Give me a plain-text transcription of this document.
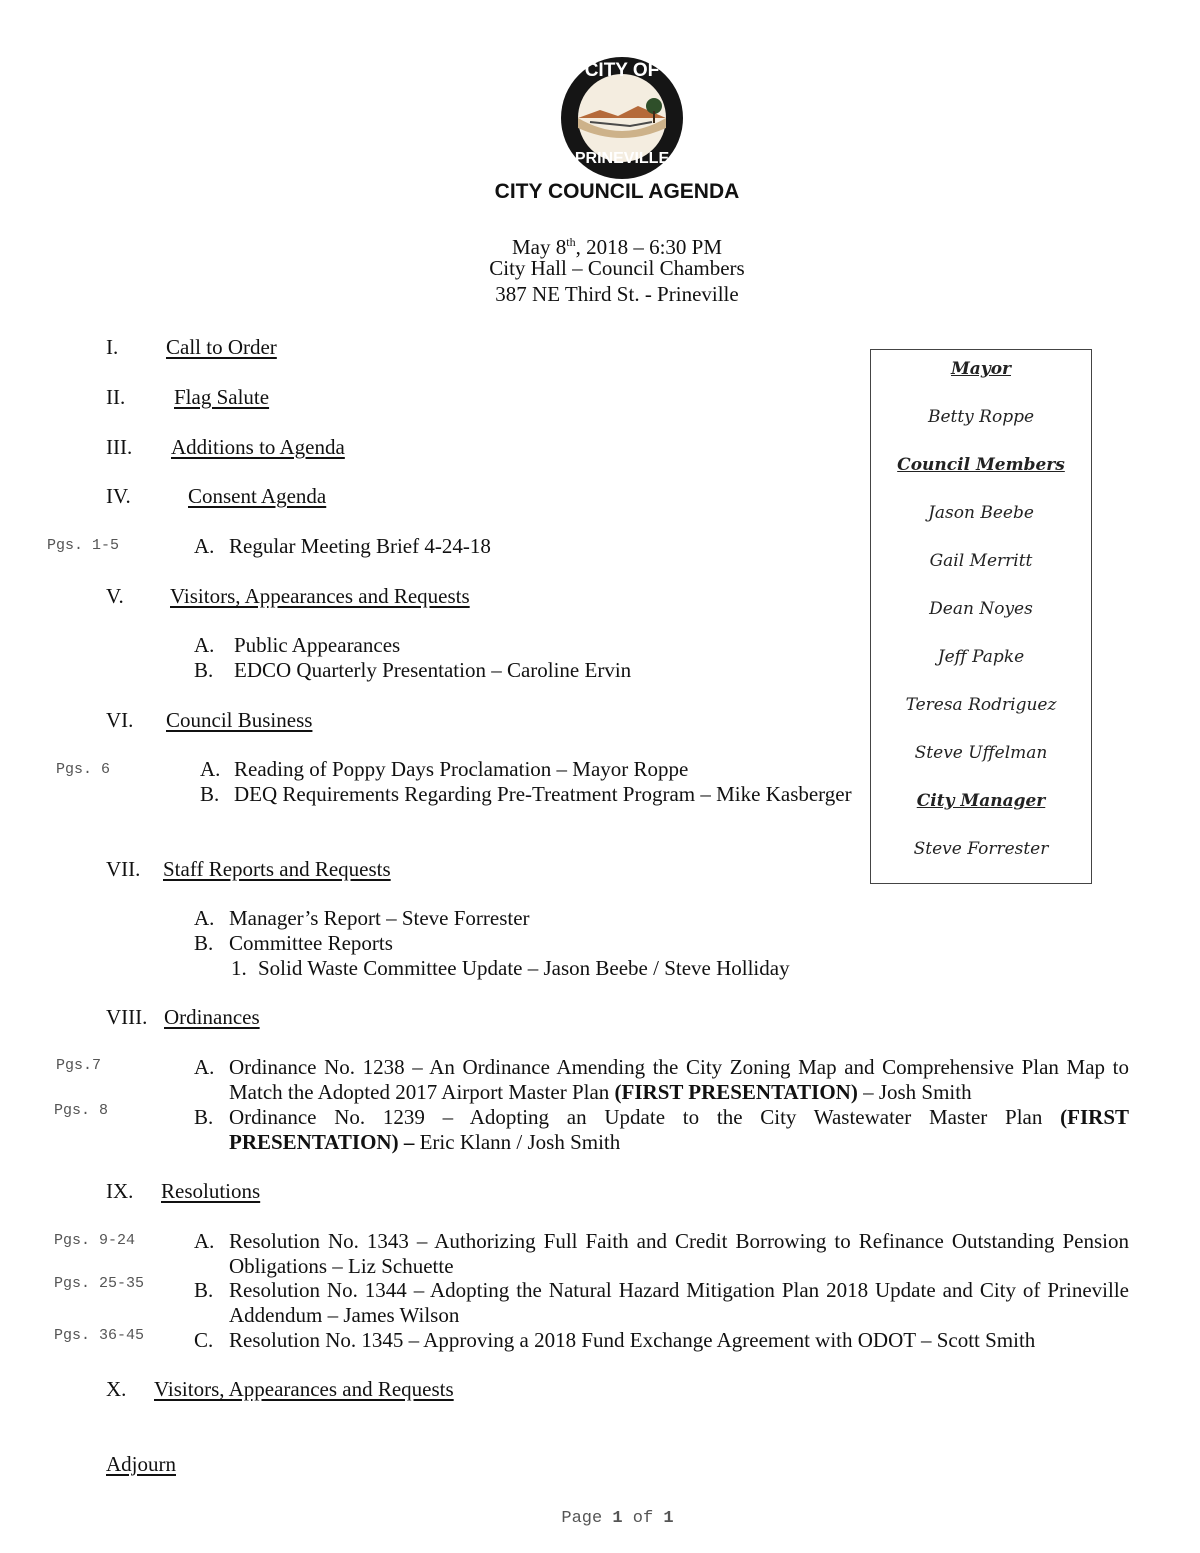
CITY OF
PRINEVILLE
CITY COUNCIL AGENDA
May 8th, 2018 – 6:30 PM
City Hall – Council Chambers
387 NE Third St. - Prineville
I. Call to Order
II. Flag Salute
III. Additions to Agenda
IV.	Consent Agenda
Pgs. 1-5	A. Regular Meeting Brief 4-24-18
V. Visitors, Appearances and Requests
A. Public Appearances
B. EDCO Quarterly Presentation – Caroline Ervin
VI. Council Business
Pgs. 6	A. Reading of Poppy Days Proclamation – Mayor Roppe
B. DEQ Requirements Regarding Pre-Treatment Program – Mike Kasberger
VII. Staff Reports and Requests
A. Manager’s Report – Steve Forrester
B. Committee Reports
1. Solid Waste Committee Update – Jason Beebe / Steve Holliday
VIII. Ordinances
Pgs.7	A. Ordinance No. 1238 – An Ordinance Amending the City Zoning Map and Comprehensive Plan Map to Match the Adopted 2017 Airport Master Plan (FIRST PRESENTATION) – Josh Smith
Pgs. 8	B. Ordinance No. 1239 – Adopting an Update to the City Wastewater Master Plan (FIRST PRESENTATION) – Eric Klann / Josh Smith
IX. Resolutions
Pgs. 9-24	A. Resolution No. 1343 – Authorizing Full Faith and Credit Borrowing to Refinance Outstanding Pension Obligations – Liz Schuette
Pgs. 25-35 B. Resolution No. 1344 – Adopting the Natural Hazard Mitigation Plan 2018 Update and City of Prineville Addendum – James Wilson
Pgs. 36-45 C. Resolution No. 1345 – Approving a 2018 Fund Exchange Agreement with ODOT – Scott Smith
X. Visitors, Appearances and Requests
Adjourn
Mayor
Betty Roppe
Council Members
Jason Beebe
Gail Merritt
Dean Noyes
Jeff Papke
Teresa Rodriguez
Steve Uffelman
City Manager
Steve Forrester
Page 1 of 1
